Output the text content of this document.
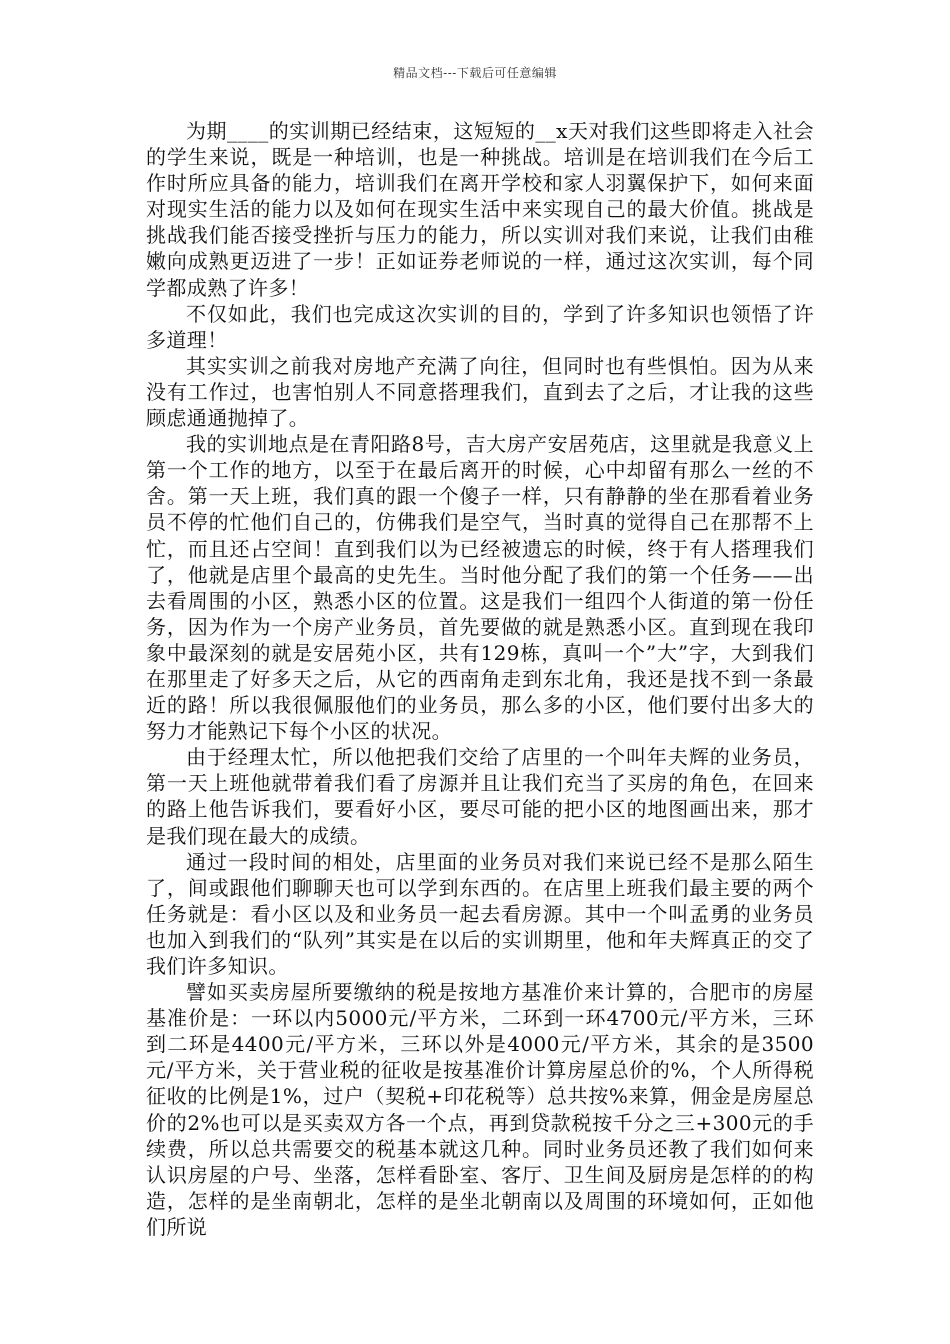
精品文档---下载后可任意编辑

为期____的实训期已经结束，这短短的__x天对我们这些即将走入社会的学生来说，既是一种培训，也是一种挑战。培训是在培训我们在今后工作时所应具备的能力，培训我们在离开学校和家人羽翼保护下，如何来面对现实生活的能力以及如何在现实生活中来实现自己的最大价值。挑战是挑战我们能否接受挫折与压力的能力，所以实训对我们来说，让我们由稚嫩向成熟更迈进了一步！正如证券老师说的一样，通过这次实训，每个同学都成熟了许多！

不仅如此，我们也完成这次实训的目的，学到了许多知识也领悟了许多道理！

其实实训之前我对房地产充满了向往，但同时也有些惧怕。因为从来没有工作过，也害怕别人不同意搭理我们，直到去了之后，才让我的这些顾虑通通抛掉了。

我的实训地点是在青阳路8号，吉大房产安居苑店，这里就是我意义上第一个工作的地方，以至于在最后离开的时候，心中却留有那么一丝的不舍。第一天上班，我们真的跟一个傻子一样，只有静静的坐在那看着业务员不停的忙他们自己的，仿佛我们是空气，当时真的觉得自己在那帮不上忙，而且还占空间！直到我们以为已经被遗忘的时候，终于有人搭理我们了，他就是店里个最高的史先生。当时他分配了我们的第一个任务——出去看周围的小区，熟悉小区的位置。这是我们一组四个人街道的第一份任务，因为作为一个房产业务员，首先要做的就是熟悉小区。直到现在我印象中最深刻的就是安居苑小区，共有129栋，真叫一个”大”字，大到我们在那里走了好多天之后，从它的西南角走到东北角，我还是找不到一条最近的路！所以我很佩服他们的业务员，那么多的小区，他们要付出多大的努力才能熟记下每个小区的状况。

由于经理太忙，所以他把我们交给了店里的一个叫年夫辉的业务员，第一天上班他就带着我们看了房源并且让我们充当了买房的角色，在回来的路上他告诉我们，要看好小区，要尽可能的把小区的地图画出来，那才是我们现在最大的成绩。

通过一段时间的相处，店里面的业务员对我们来说已经不是那么陌生了，间或跟他们聊聊天也可以学到东西的。在店里上班我们最主要的两个任务就是：看小区以及和业务员一起去看房源。其中一个叫孟勇的业务员也加入到我们的“队列”其实是在以后的实训期里，他和年夫辉真正的交了我们许多知识。

譬如买卖房屋所要缴纳的税是按地方基准价来计算的，合肥市的房屋基准价是：一环以内5000元/平方米，二环到一环4700元/平方米，三环到二环是4400元/平方米，三环以外是4000元/平方米，其余的是3500元/平方米，关于营业税的征收是按基准价计算房屋总价的%，个人所得税征收的比例是1%，过户（契税+印花税等）总共按%来算，佣金是房屋总价的2%也可以是买卖双方各一个点，再到贷款税按千分之三+300元的手续费，所以总共需要交的税基本就这几种。同时业务员还教了我们如何来认识房屋的户号、坐落，怎样看卧室、客厅、卫生间及厨房是怎样的的构造，怎样的是坐南朝北，怎样的是坐北朝南以及周围的环境如何，正如他们所说
